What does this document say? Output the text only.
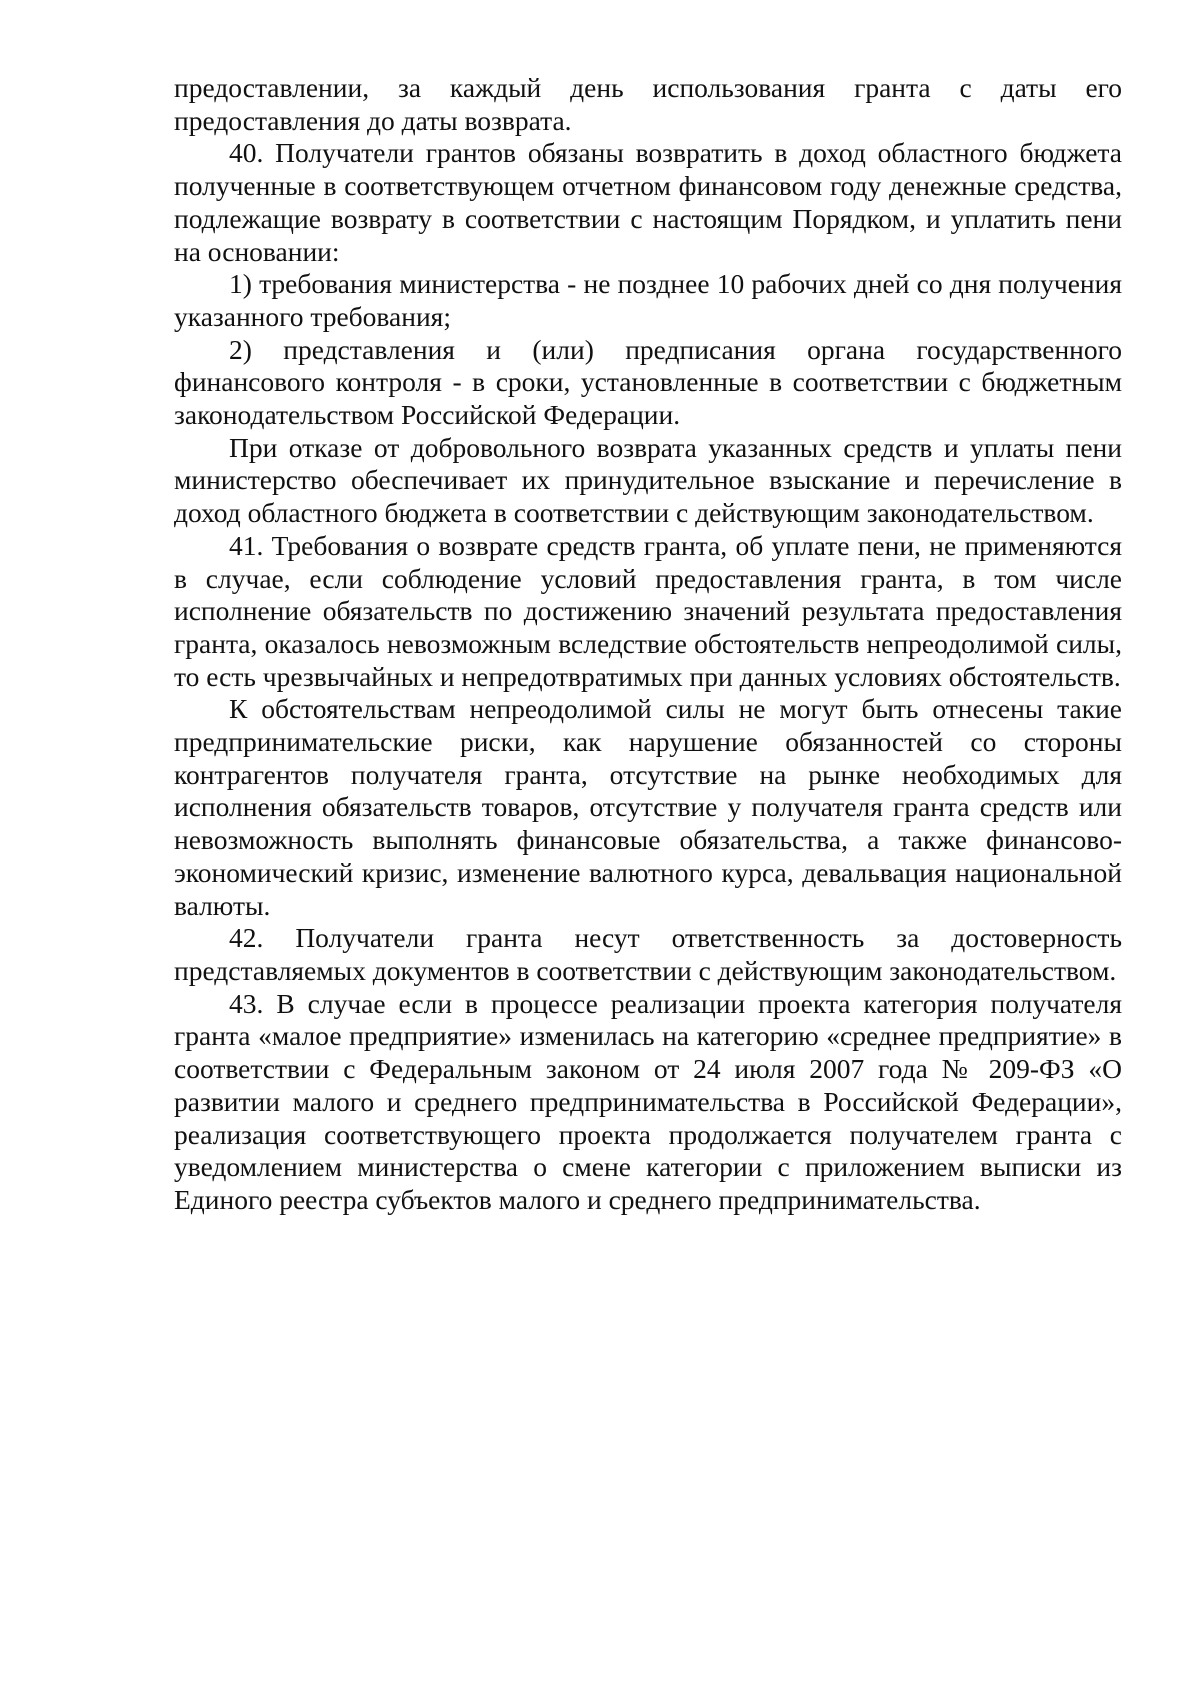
предоставлении, за каждый день использования гранта с даты его предоставления до даты возврата.

40. Получатели грантов обязаны возвратить в доход областного бюджета полученные в соответствующем отчетном финансовом году денежные средства, подлежащие возврату в соответствии с настоящим Порядком, и уплатить пени на основании:

1) требования министерства - не позднее 10 рабочих дней со дня получения указанного требования;

2) представления и (или) предписания органа государственного финансового контроля - в сроки, установленные в соответствии с бюджетным законодательством Российской Федерации.

При отказе от добровольного возврата указанных средств и уплаты пени министерство обеспечивает их принудительное взыскание и перечисление в доход областного бюджета в соответствии с действующим законодательством.

41. Требования о возврате средств гранта, об уплате пени, не применяются в случае, если соблюдение условий предоставления гранта, в том числе исполнение обязательств по достижению значений результата предоставления гранта, оказалось невозможным вследствие обстоятельств непреодолимой силы, то есть чрезвычайных и непредотвратимых при данных условиях обстоятельств.

К обстоятельствам непреодолимой силы не могут быть отнесены такие предпринимательские риски, как нарушение обязанностей со стороны контрагентов получателя гранта, отсутствие на рынке необходимых для исполнения обязательств товаров, отсутствие у получателя гранта средств или невозможность выполнять финансовые обязательства, а также финансово-экономический кризис, изменение валютного курса, девальвация национальной валюты.

42. Получатели гранта несут ответственность за достоверность представляемых документов в соответствии с действующим законодательством.

43. В случае если в процессе реализации проекта категория получателя гранта «малое предприятие» изменилась на категорию «среднее предприятие» в соответствии с Федеральным законом от 24 июля 2007 года № 209-ФЗ «О развитии малого и среднего предпринимательства в Российской Федерации», реализация соответствующего проекта продолжается получателем гранта с уведомлением министерства о смене категории с приложением выписки из Единого реестра субъектов малого и среднего предпринимательства.
